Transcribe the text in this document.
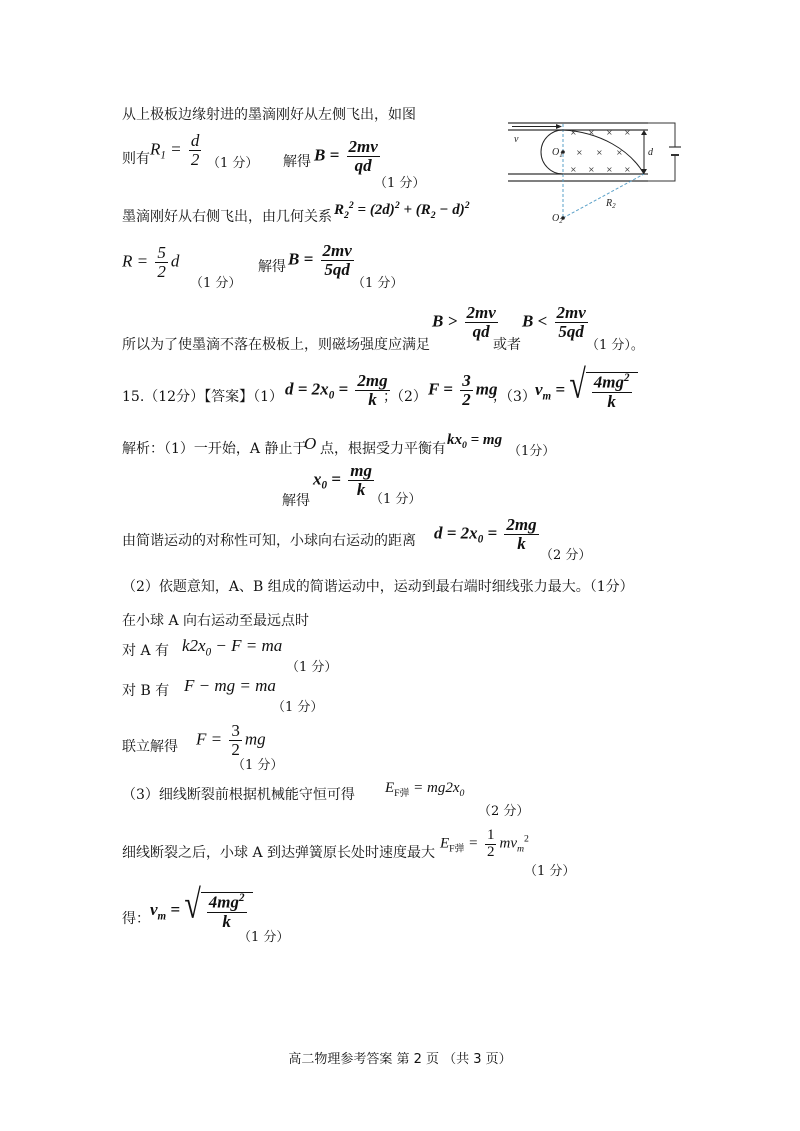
× × × ×
× × ×
× × × ×
v
$O_1$
$O_2$
d
$R_2$
从上极板边缘射进的墨滴刚好从左侧飞出，如图
则有
$R_1 = \frac{d}{2} (1$ 分） 解得 $B = \frac{2mv}{qd}$
（1 分）
墨滴刚好从右侧飞出，由几何关系 $R_2^2 = (2d)^2 + (R_2 - d)^2$
$R = \frac{5}{2}$ d
（1 分）
解得 $B = \frac{2mv}{5qd}$
（1 分）
所以为了使墨滴不落在极板上，则磁场强度应满足
$B > \frac{2mv}{qd}$
或者
$B < \frac{2mv}{5qd}$
（1 分）。
15.（12分）【答案】（1） $d = 2x_0 = \frac{2mg}{k}$
；（2） $F = \frac{3}{2}$ mg
；（3） $v_m$ = √ $\frac{4mg^2}{k}$
解析：（1）一开始，A 静止于
O 点，根据受力平衡有
$kx_0$ = mg
（1分）
解得
$x_0 = \frac{mg}{k}$
（1 分）
由简谐运动的对称性可知，小球向右运动的距离 $d = 2x_0 = \frac{2mg}{k}$
（2 分）
（2）依题意知，A、B 组成的简谐运动中，运动到最右端时细线张力最大。（1分）
在小球 A 向右运动至最远点时
对 A 有 $k2x_0 - F$ = ma
（1 分）
对 B 有 F − mg = ma
（1 分）
联立解得 $F = \frac{3}{2}$ mg
（1 分）
（3）细线断裂前根据机械能守恒可得 $E_{F弹} = mg2x_0$
（2 分）
细线断裂之后，小球 A 到达弹簧原长处时速度最大
$E_{F弹} = \frac{1}{2} mv_m^2$
（1 分）
得： $v_m$ = √ $\frac{4mg^2}{k}$
（1 分）
高二物理参考答案 第 2 页 （共 3 页）
